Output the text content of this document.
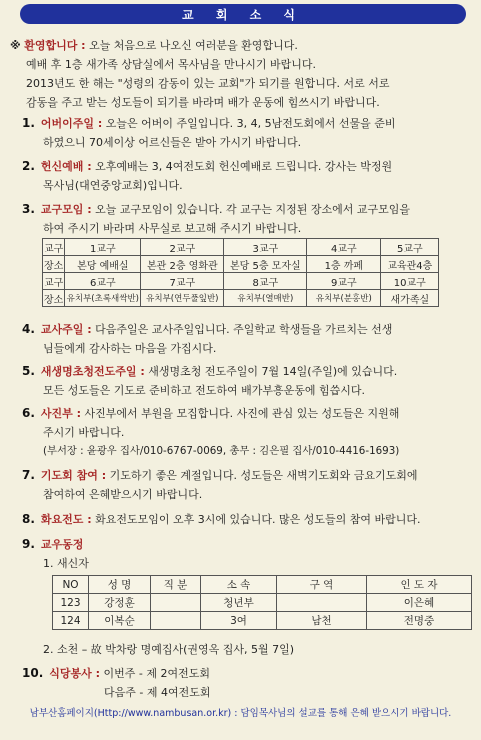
교 회 소 식
※ 환영합니다 : 오늘 처음으로 나오신 여러분을 환영합니다.
예배 후 1층 새가족 상담실에서 목사님을 만나시기 바랍니다.
2013년도 한 해는 "성령의 감동이 있는 교회"가 되기를 원합니다. 서로 서로
감동을 주고 받는 성도들이 되기를 바라며 배가 운동에 힘쓰시기 바랍니다.
1. 어버이주일 : 오늘은 어버이 주일입니다. 3, 4, 5남전도회에서 선물을 준비
하였으니 70세이상 어르신들은 받아 가시기 바랍니다.
2. 헌신예배 : 오후예배는 3, 4여전도회 헌신예배로 드립니다. 강사는 박정원
목사님(대연중앙교회)입니다.
3. 교구모임 : 오늘 교구모임이 있습니다. 각 교구는 지정된 장소에서 교구모임을
하여 주시기 바라며 사무실로 보고해 주시기 바랍니다.
교구	1교구	2교구	3교구	4교구	5교구
장소	본당 예배실	본관 2층 영화관	본당 5층 모자실	1층 까페	교육관4층
교구	6교구	7교구	8교구	9교구	10교구
장소	유치부(초록새싹반)	유치부(연두풀잎반)	유치부(열매반)	유치부(분홍반)	새가족실
4. 교사주일 : 다음주일은 교사주일입니다. 주일학교 학생들을 가르치는 선생
님들에게 감사하는 마음을 가집시다.
5. 새생명초청전도주일 : 새생명초청 전도주일이 7월 14일(주일)에 있습니다.
모든 성도들은 기도로 준비하고 전도하여 배가부흥운동에 힘씁시다.
6. 사진부 : 사진부에서 부원을 모집합니다. 사진에 관심 있는 성도들은 지원해
주시기 바랍니다.
(부서장 : 윤광우 집사/010-6767-0069, 총무 : 김은필 집사/010-4416-1693)
7. 기도회 참여 : 기도하기 좋은 계절입니다. 성도들은 새벽기도회와 금요기도회에
참여하여 은혜받으시기 바랍니다.
8. 화요전도 : 화요전도모임이 오후 3시에 있습니다. 많은 성도들의 참여 바랍니다.
9. 교우동정
1. 새신자
NO	성 명	직 분	소 속	구 역	인 도 자
123	강정훈		청년부		이은혜
124	이복순		3여	남천	전명중
2. 소천 – 故 박차랑 명예집사(권영옥 집사, 5월 7일)
10. 식당봉사 : 이번주 - 제 2여전도회
다음주 - 제 4여전도회
남부산홈페이지(Http://www.nambusan.or.kr) : 담임목사님의 설교를 통해 은혜 받으시기 바랍니다.
